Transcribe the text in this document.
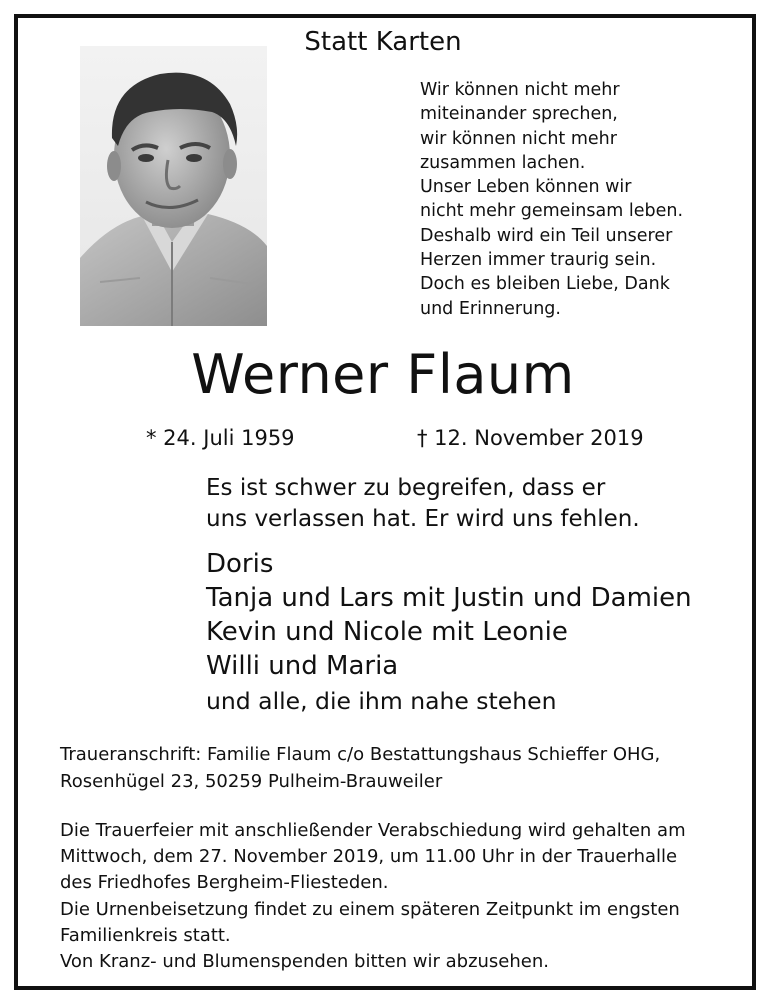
Statt Karten
Wir können nicht mehr
miteinander sprechen,
wir können nicht mehr
zusammen lachen.
Unser Leben können wir
nicht mehr gemeinsam leben.
Deshalb wird ein Teil unserer
Herzen immer traurig sein.
Doch es bleiben Liebe, Dank
und Erinnerung.
Werner Flaum
* 24. Juli 1959	† 12. November 2019
Es ist schwer zu begreifen, dass er
uns verlassen hat. Er wird uns fehlen.
Doris
Tanja und Lars mit Justin und Damien
Kevin und Nicole mit Leonie
Willi und Maria
und alle, die ihm nahe stehen
Traueranschrift: Familie Flaum c/o Bestattungshaus Schieffer OHG,
Rosenhügel 23, 50259 Pulheim-Brauweiler
Die Trauerfeier mit anschließender Verabschiedung wird gehalten am
Mittwoch, dem 27. November 2019, um 11.00 Uhr in der Trauerhalle
des Friedhofes Bergheim-Fliesteden.
Die Urnenbeisetzung findet zu einem späteren Zeitpunkt im engsten
Familienkreis statt.
Von Kranz- und Blumenspenden bitten wir abzusehen.
